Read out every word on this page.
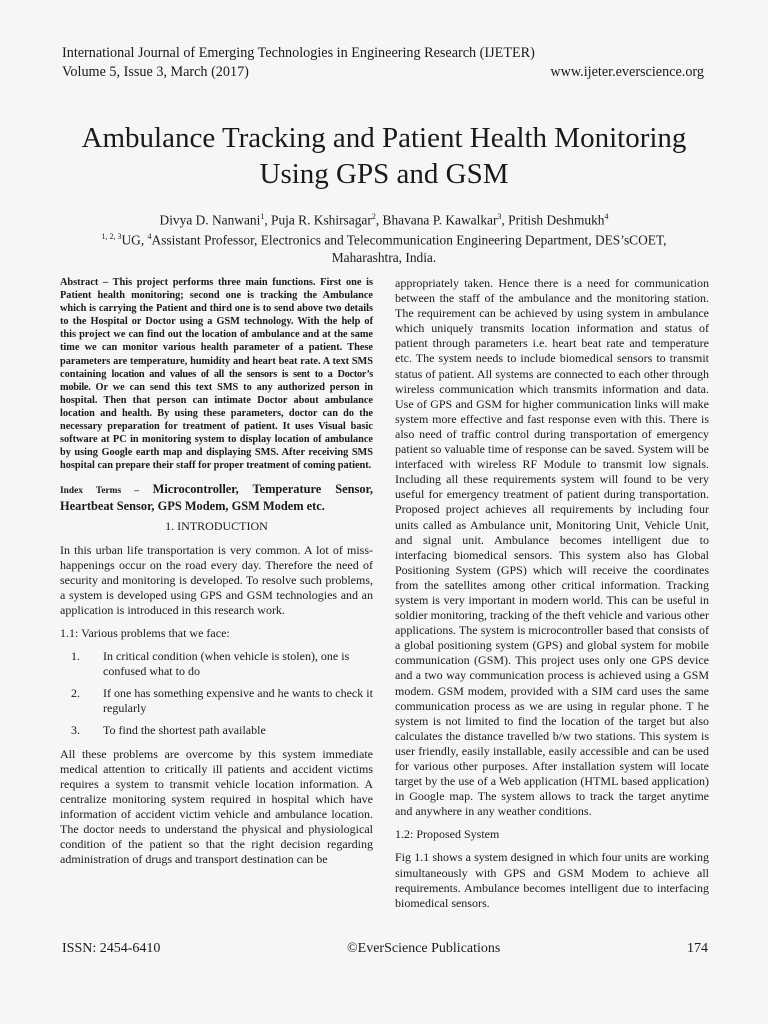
International Journal of Emerging Technologies in Engineering Research (IJETER)
Volume 5, Issue 3, March (2017)	www.ijeter.everscience.org
Ambulance Tracking and Patient Health Monitoring
Using GPS and GSM
Divya D. Nanwani$^1$, Puja R. Kshirsagar$^2$, Bhavana P. Kawalkar$^3$, Pritish Deshmukh$^4$
$^{1, 2, 3}$UG, $^4$Assistant Professor, Electronics and Telecommunication Engineering Department, DES’sCOET,
Maharashtra, India.
Abstract – This project performs three main functions. First one is Patient health monitoring; second one is tracking the Ambulance which is carrying the Patient and third one is to send above two details to the Hospital or Doctor using a GSM technology. With the help of this project we can find out the location of ambulance and at the same time we can monitor various health parameter of a patient. These parameters are temperature, humidity and heart beat rate. A text SMS containing location and values of all the sensors is sent to a Doctor’s mobile. Or we can send this text SMS to any authorized person in hospital. Then that person can intimate Doctor about ambulance location and health. By using these parameters, doctor can do the necessary preparation for treatment of patient. It uses Visual basic software at PC in monitoring system to display location of ambulance by using Google earth map and displaying SMS. After receiving SMS hospital can prepare their staff for proper treatment of coming patient.
Index Terms – Microcontroller, Temperature Sensor, Heartbeat Sensor, GPS Modem, GSM Modem etc.
1. INTRODUCTION

In this urban life transportation is very common. A lot of miss-happenings occur on the road every day. Therefore the need of security and monitoring is developed. To resolve such problems, a system is developed using GPS and GSM technologies and an application is introduced in this research work.

1.1: Various problems that we face:

1.	In critical condition (when vehicle is stolen), one is confused what to do
2.	If one has something expensive and he wants to check it regularly
3.	To find the shortest path available

All these problems are overcome by this system immediate medical attention to critically ill patients and accident victims requires a system to transmit vehicle location information. A centralize monitoring system required in hospital which have information of accident victim vehicle and ambulance location. The doctor needs to understand the physical and physiological condition of the patient so that the right decision regarding administration of drugs and transport destination can be

appropriately taken. Hence there is a need for communication between the staff of the ambulance and the monitoring station. The requirement can be achieved by using system in ambulance which uniquely transmits location information and status of patient through parameters i.e. heart beat rate and temperature etc. The system needs to include biomedical sensors to transmit status of patient. All systems are connected to each other through wireless communication which transmits information and data. Use of GPS and GSM for higher communication links will make system more effective and fast response even with this. There is also need of traffic control during transportation of emergency patient so valuable time of response can be saved. System will be interfaced with wireless RF Module to transmit low signals. Including all these requirements system will found to be very useful for emergency treatment of patient during transportation. Proposed project achieves all requirements by including four units called as Ambulance unit, Monitoring Unit, Vehicle Unit, and signal unit. Ambulance becomes intelligent due to interfacing biomedical sensors. This system also has Global Positioning System (GPS) which will receive the coordinates from the satellites among other critical information. Tracking system is very important in modern world. This can be useful in soldier monitoring, tracking of the theft vehicle and various other applications. The system is microcontroller based that consists of a global positioning system (GPS) and global system for mobile communication (GSM). This project uses only one GPS device and a two way communication process is achieved using a GSM modem. GSM modem, provided with a SIM card uses the same communication process as we are using in regular phone. T he system is not limited to find the location of the target but also calculates the distance travelled b/w two stations. This system is user friendly, easily installable, easily accessible and can be used for various other purposes. After installation system will locate target by the use of a Web application (HTML based application) in Google map. The system allows to track the target anytime and anywhere in any weather conditions.

1.2: Proposed System

Fig 1.1 shows a system designed in which four units are working simultaneously with GPS and GSM Modem to achieve all requirements. Ambulance becomes intelligent due to interfacing biomedical sensors.

ISSN: 2454-6410	©EverScience Publications	174
